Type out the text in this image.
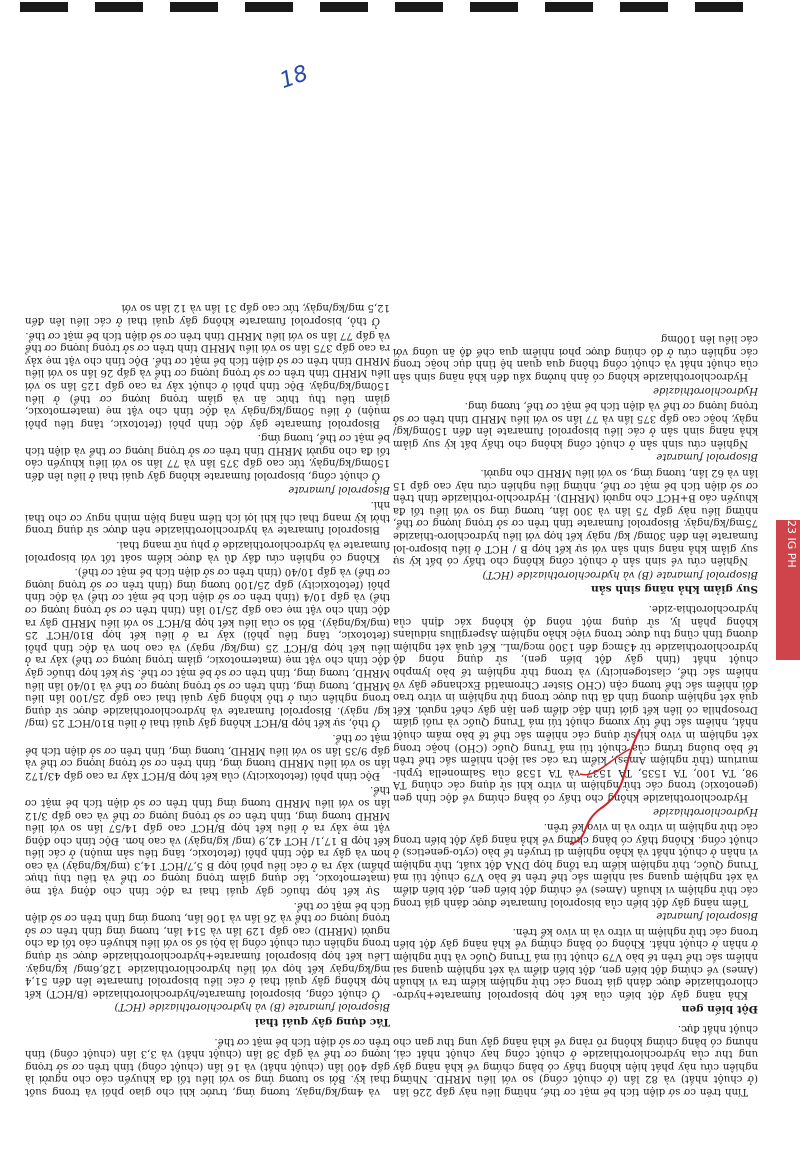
23 IG PH

Tính trên cơ sở diện tích bề mặt cơ thể, những liều này gấp 226 lần (ở chuột nhắt) và 82 lần (ở chuột cống) so với liều MRHD. Những nghiên cứu này phát hiện không thấy có bằng chứng về khả năng gây ung thư của hydrochlorothiazide ở chuột cống hay chuột nhắt cái, nhưng có bằng chứng không rõ ràng về khả năng gây ung thư gan cho chuột nhắt đực.

Đột biến gen

Khả năng gây đột biến của kết hợp bisoprolol fumarate+hydro-chlorothiazide được đánh giá trong các thử nghiệm kiểm tra vi khuẩn (Ames) về chứng đột biến gen, đột biến điểm và xét nghiệm quang sai nhiễm sắc thể trên tế bào V79 chuột túi má Trung Quốc và thử nghiệm ở nhân ở chuột nhắt. Không có bằng chứng về khả năng gây đột biến trong các thử nghiệm in vitro và in vivo kể trên.

Bisoprolol fumarate

Tiềm năng gây đột biến của bisoprolol fumarate được đánh giá trong các thử nghiệm vi khuẩn (Ames) về chứng đột biến gen, đột biến điểm và xét nghiệm quang sai nhiễm sắc thể trên tế bào V79 chuột túi má Trung Quốc, thử nghiệm kiểm tra tổng hợp DNA đột xuất, thử nghiệm vi nhân ở chuột nhắt và khảo nghiệm di truyền tế bào (cyto-genetics) ở chuột cống. Không thấy có bằng chứng về khả năng gây đột biến trong các thử nghiệm in vitro và in vivo kể trên.

Hydrochlorothiazide

Hydrochlorothiazide không cho thấy có bằng chứng về độc tính gen (genotoxic) trong các thử nghiệm in vitro khi sử dụng các chủng TA 98, TA 100, TA 1535, TA 1537 và TA 1538 của Salmonella typhi-murium (thử nghiệm Ames), kiểm tra các sai lệch nhiễm sắc thể trên tế bào buồng trứng của chuột túi má Trung Quốc (CHO) hoặc trong xét nghiệm in vivo khi sử dụng các nhiễm sắc thể tế bào mầm chuột nhắt, nhiễm sắc thể tủy xương chuột túi má Trung Quốc và ruồi giấm Drosophila có liên kết giới tính đặc điểm gen lặn gây chết người. Kết quả xét nghiệm dương tính đã thu được trong thử nghiệm in vitro trao đổi nhiễm sắc thể tương cận (CHO Sister Chromatid Exchange gây vỡ nhiễm sắc thể, clastogenicity) và trong thử nghiệm tế bào lympho chuột nhắt (tính gây đột biến gen), sử dụng nồng độ hydrochlorothiazide từ 43mcg đến 1300 mcg/mL. Kết quả xét nghiệm dương tính cũng thu được trong việc khảo nghiệm Aspergillus nidulans không phân ly, sử dụng một nồng độ không xác định của hydrochlorothia-zide.

Suy giảm khả năng sinh sản

Bisoprolol fumarate (B) và hydrochlorothiazide (HCT)

Nghiên cứu về sinh sản ở chuột cống không cho thấy có bất kỳ sự suy giảm khả năng sinh sản với sự kết hợp B / HCT ở liều bisopro-lol fumarate lên đến 30mg/ kg/ ngày kết hợp với liều hydrochloro-thiazide 75mg/kg/ngày. Bisoprolol fumarate tính trên cơ sở trọng lượng cơ thể, những liều này gấp 75 lần và 300 lần, tương ứng so với liều tối đa khuyến cáo B+HCT cho người (MRHD). Hydrochlo-rothiazide tính trên cơ sở diện tích bề mặt cơ thể, những liều nghiên cứu này cao gấp 15 lần và 62 lần, tương ứng, so với liều MRHD cho người.

Bisoprolol fumarate

Nghiên cứu sinh sản ở chuột cống không cho thấy bất kỳ suy giảm khả năng sinh sản ở các liều bisoprolol fumarate lên đến 150mg/kg/ ngày, hoặc cao gấp 375 lần và 77 lần so với liều MRHD tính trên cơ sở trọng lượng cơ thể và diện tích bề mặt cơ thể, tương ứng.

Hydrochlorothiazide

Hydrochlorothiazide không có ảnh hưởng xấu đến khả năng sinh sản của chuột nhắt và chuột cống thông qua quan hệ tình dục hoặc trong các nghiên cứu ở đó chúng được phơi nhiễm qua chế độ ăn uống với các liều lên 100mg

và 4mg/kg/ngày, tương ứng, trước khi cho giao phối và trong suốt thai kỳ. Bởi so tương ứng so với liều tối đa khuyến cáo cho người là gấp 400 lần (chuột nhắt) và 16 lần (chuột cống) tính trên cơ sở trọng lượng cơ thể và gấp 38 lần (chuột nhắt) và 3,3 lần (chuột cống) tính trên cơ sở diện tích bề mặt cơ thể.

Tác dụng gây quái thai

Bisoprolol fumarate (B) và hydrochlorothiazide (HCT)

Ở chuột cống, bisoprolol fumarate/hydrochlorothiazide (B/HCT) kết hợp không gây quái thai ở các liều bisoprolol fumarate lên đến 51,4 mg/kg/ngày kết hợp với liều hydrochlorothiazide 128,6mg/ kg/ngày. Liều kết hợp bisoprolol fumarate+hydrochlorothiazide được sử dụng trong nghiên cứu chuột cống là bội số so với liều khuyến cáo tối đa cho người (MRHD) cao gấp 129 lần và 514 lần, tương ứng tính trên cơ sở trọng lượng cơ thể và 26 lần và 106 lần, tương ứng tính trên cơ sở diện tích bề mặt cơ thể.

Sự kết hợp thuốc gây quái thai ra độc tính cho động vật mẹ (maternotoxic, tác dụng giảm trọng lượng cơ thể và tiêu thụ thực phẩm) xảy ra ở các liều phối hợp B 5,7/HCT 14,3 (mg/kg/ngày) và cao hơn và gây ra độc tính phôi (fetotoxic, tăng tiêu sản muộn) ở các liều kết hợp B 17,1/ HCT 42,9 (mg/ kg/ngày) và cao hơn. Độc tính cho động vật mẹ xảy ra ở liều kết hợp B/HCT cao gấp 14/57 lần so với liều MRHD tương ứng, tính trên cơ sở trọng lượng cơ thể và cao gấp 3/12 lần so với liều MRHD tương ứng tính trên cơ sở diện tích bề mặt cơ thể.

Độc tính phôi (fetotoxicity) của kết hợp B/HCT xảy ra cao gấp 43/172 lần so với liều MRHD tương ứng, tính trên cơ sở trọng lượng cơ thể và gấp 9/35 lần so với liều MRHD, tương ứng, tính trên cơ sở diện tích bề mặt cơ thể.

Ở thỏ, sự kết hợp B/HCT không gây quái thai ở liều B10/HCT 25 (mg/ kg/ ngày). Bisoprolol fumarate và hydrochlorothiazide được sử dụng trong nghiên cứu ở thỏ không gây quái thai cao gấp 25/100 lần liều MRHD, tương ứng, tính trên cơ sở trọng lượng cơ thể và 10/40 lần liều MRHD, tương ứng, tính trên cơ sở bề mặt cơ thể. Sự kết hợp thuốc gây độc tính cho vật mẹ (maternotoxic, giảm trọng lượng cơ thể) xảy ra ở liều kết hợp B/HCT 25 (mg/kg/ ngày) và cao hơn và độc tính phôi (fetotoxic, tăng tiêu phôi) xảy ra ở liều kết hợp B10/HCT 25 (mg/kg/ngày). Bởi so của liều kết hợp B/HCT so với liều MRHD gây ra độc tính cho vật mẹ cao gấp 25/10 lần (tính trên cơ sở trọng lượng cơ thể) và gấp 10/4 (tính trên cơ sở diện tích bề mặt cơ thể) và độc tính phôi (fetotoxicity) gấp 25/100 tương ứng (tính trên cơ sở trọng lượng cơ thể) và gấp 10/40 (tính trên cơ sở diện tích bề mặt cơ thể).

Không có nghiên cứu đầy đủ và được kiểm soát tốt với bisoprolol fumarate và hydrochlorothiazide ở phụ nữ mang thai.

Bisoprolol fumarate và hydrochlorothiazide nên được sử dụng trong thời kỳ mang thai chỉ khi lợi ích tiềm năng biện minh nguy cơ cho thai nhi.

Bisoprolol fumarate

Ở chuột cống, bisoprolol fumarate không gây quái thai ở liều lên đến 150mg/kg/ngày, tức cao gấp 375 lần và 77 lần so với liều khuyến cáo tối đa cho người MRHD tính trên cơ sở trọng lượng cơ thể và diện tích bề mặt cơ thể, tương ứng.

Bisoprolol fumarate gây độc tính phôi (fetotoxic, tăng tiêu phôi muộn) ở liều 50mg/kg/ngày và độc tính cho vật mẹ (maternotoxic, giảm tiêu thụ thức ăn và giảm trọng lượng cơ thể) ở liều 150mg/kg/ngày. Độc tính phôi ở chuột xảy ra cao gấp 125 lần so với liều MRHD tính trên cơ sở trọng lượng cơ thể và gấp 26 lần so với liều MRHD tính trên cơ sở diện tích bề mặt cơ thể. Độc tính cho vật mẹ xảy ra cao gấp 375 lần so với liều MRHD tính trên cơ sở trọng lượng cơ thể và gấp 77 lần so với liều MRHD tính trên cơ sở diện tích bề mặt cơ thể.

Ở thỏ, bisoprolol fumarate không gây quái thai ở các liều lên đến 12,5 mg/kg/ngày, tức cao gấp 31 lần và 12 lần so với

18
